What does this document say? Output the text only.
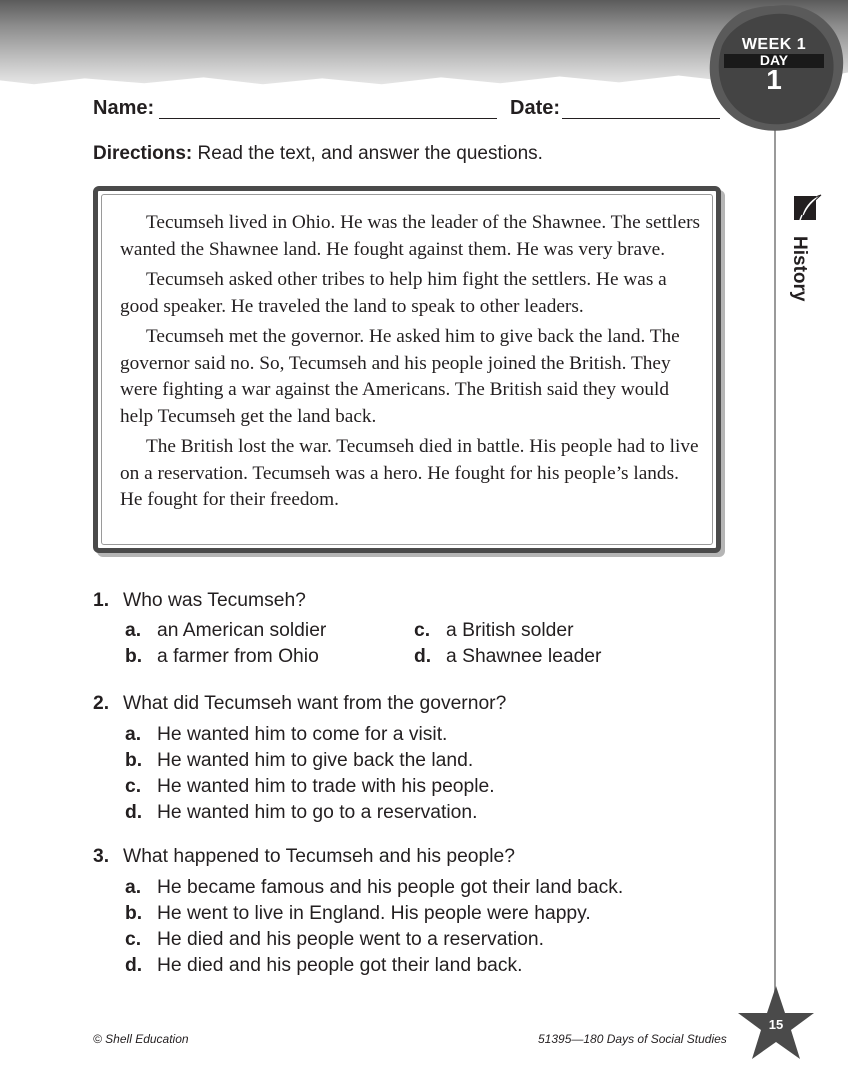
WEEK 1
DAY
1
Name:	Date:
Directions: Read the text, and answer the questions.

Tecumseh lived in Ohio. He was the leader of the Shawnee. The settlers wanted the Shawnee land. He fought against them. He was very brave.

Tecumseh asked other tribes to help him fight the settlers. He was a good speaker. He traveled the land to speak to other leaders.

Tecumseh met the governor. He asked him to give back the land. The governor said no. So, Tecumseh and his people joined the British. They were fighting a war against the Americans. The British said they would help Tecumseh get the land back.

The British lost the war. Tecumseh died in battle. His people had to live on a reservation. Tecumseh was a hero. He fought for his people’s lands. He fought for their freedom.

History
1. Who was Tecumseh?
a. an American soldier
b. a farmer from Ohio
c. a British solder
d. a Shawnee leader
2. What did Tecumseh want from the governor?
a. He wanted him to come for a visit.
b. He wanted him to give back the land.
c. He wanted him to trade with his people.
d. He wanted him to go to a reservation.
3. What happened to Tecumseh and his people?
a. He became famous and his people got their land back.
b. He went to live in England. His people were happy.
c. He died and his people went to a reservation.
d. He died and his people got their land back.
© Shell Education	51395—180 Days of Social Studies
15
